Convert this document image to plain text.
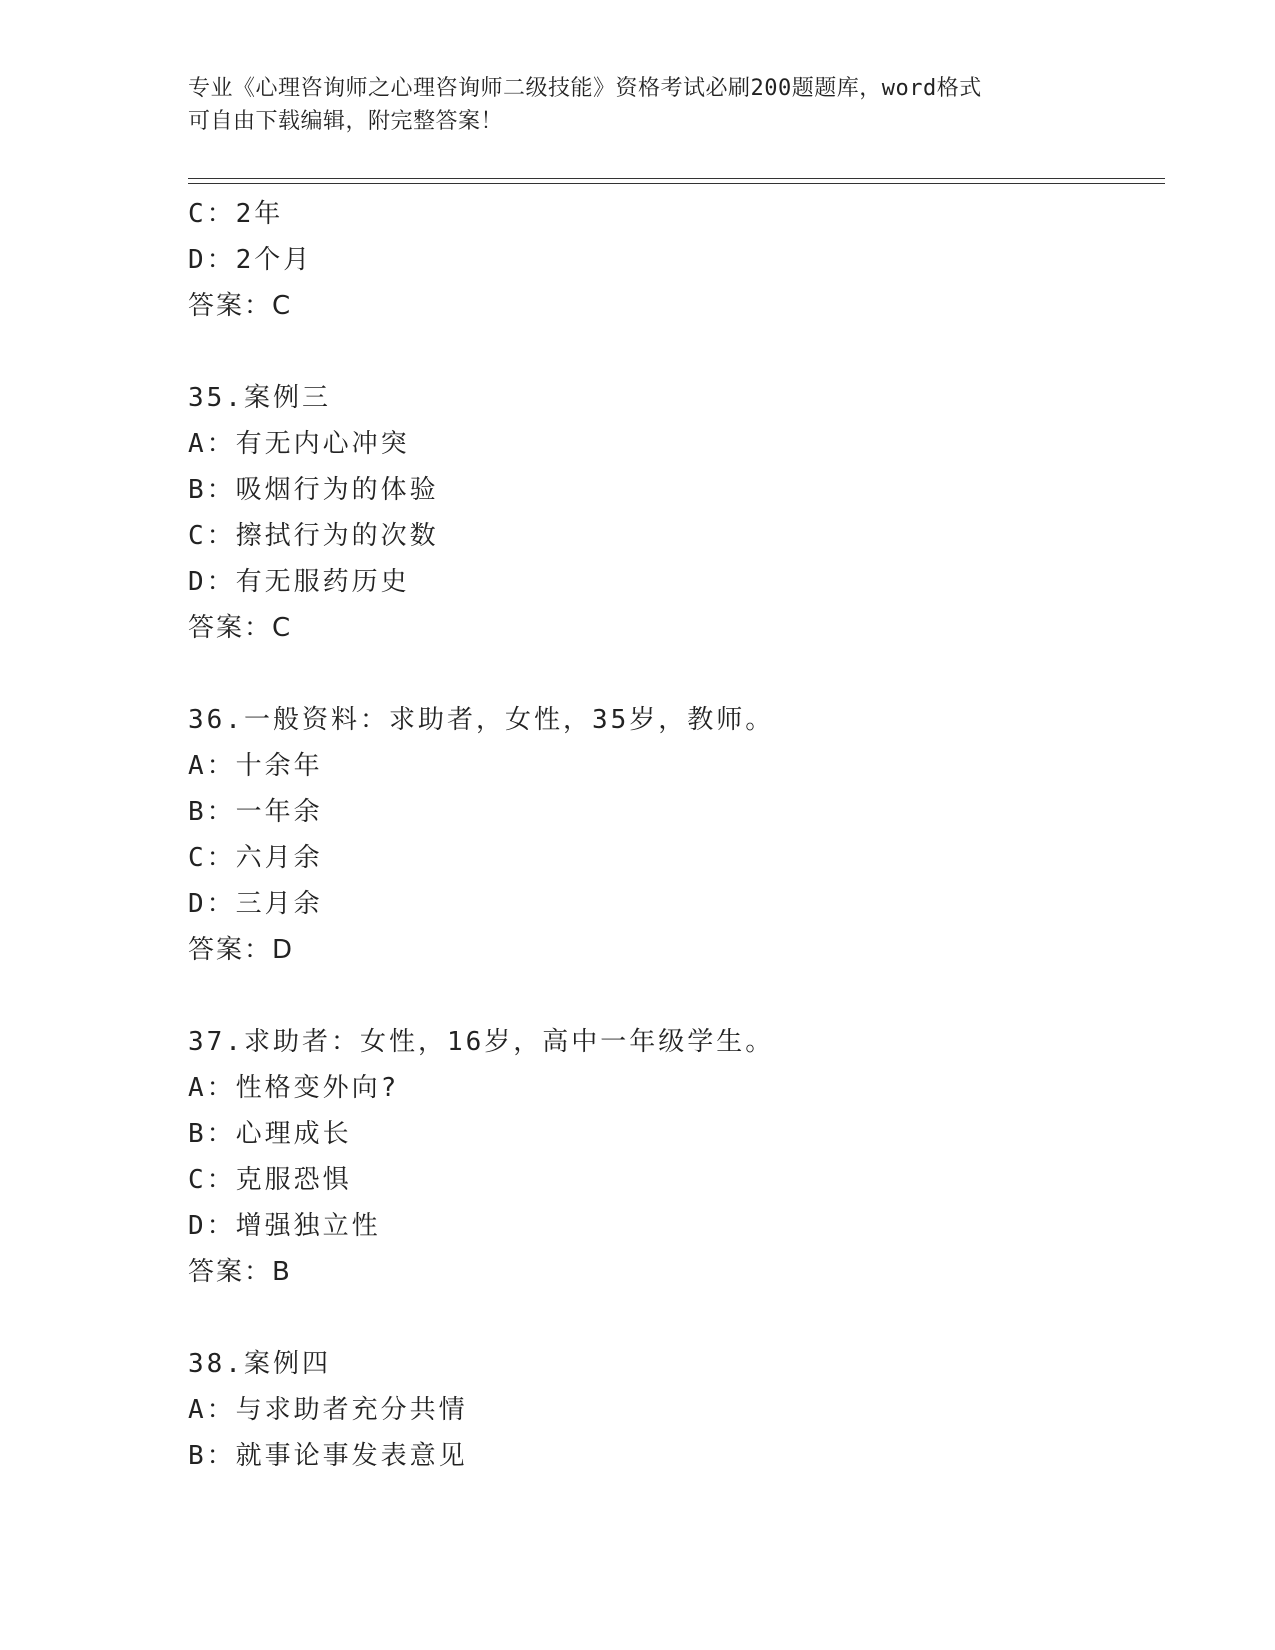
专业《心理咨询师之心理咨询师二级技能》资格考试必刷200题题库，word格式
可自由下载编辑，附完整答案！
C：2年
D：2个月
答案：C
35.案例三
A：有无内心冲突
B：吸烟行为的体验
C：擦拭行为的次数
D：有无服药历史
答案：C
36.一般资料：求助者，女性，35岁，教师。
A：十余年
B：一年余
C：六月余
D：三月余
答案：D
37.求助者：女性，16岁，高中一年级学生。
A：性格变外向?
B：心理成长
C：克服恐惧
D：增强独立性
答案：B
38.案例四
A：与求助者充分共情
B：就事论事发表意见
